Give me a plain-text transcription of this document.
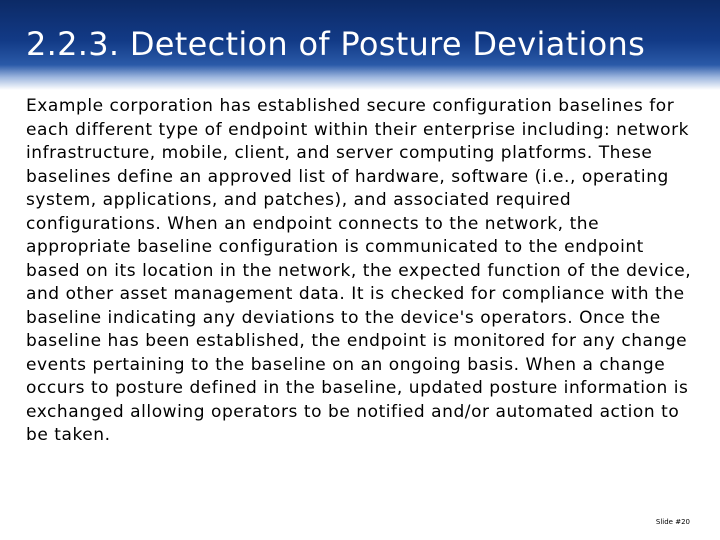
2.2.3. Detection of Posture Deviations

Example corporation has established secure configuration baselines for each different type of endpoint within their enterprise including: network infrastructure, mobile, client, and server computing platforms. These baselines define an approved list of hardware, software (i.e., operating system, applications, and patches), and associated required configurations. When an endpoint connects to the network, the appropriate baseline configuration is communicated to the endpoint based on its location in the network, the expected function of the device, and other asset management data. It is checked for compliance with the baseline indicating any deviations to the device's operators. Once the baseline has been established, the endpoint is monitored for any change events pertaining to the baseline on an ongoing basis. When a change occurs to posture defined in the baseline, updated posture information is exchanged allowing operators to be notified and/or automated action to be taken.

Slide #20
